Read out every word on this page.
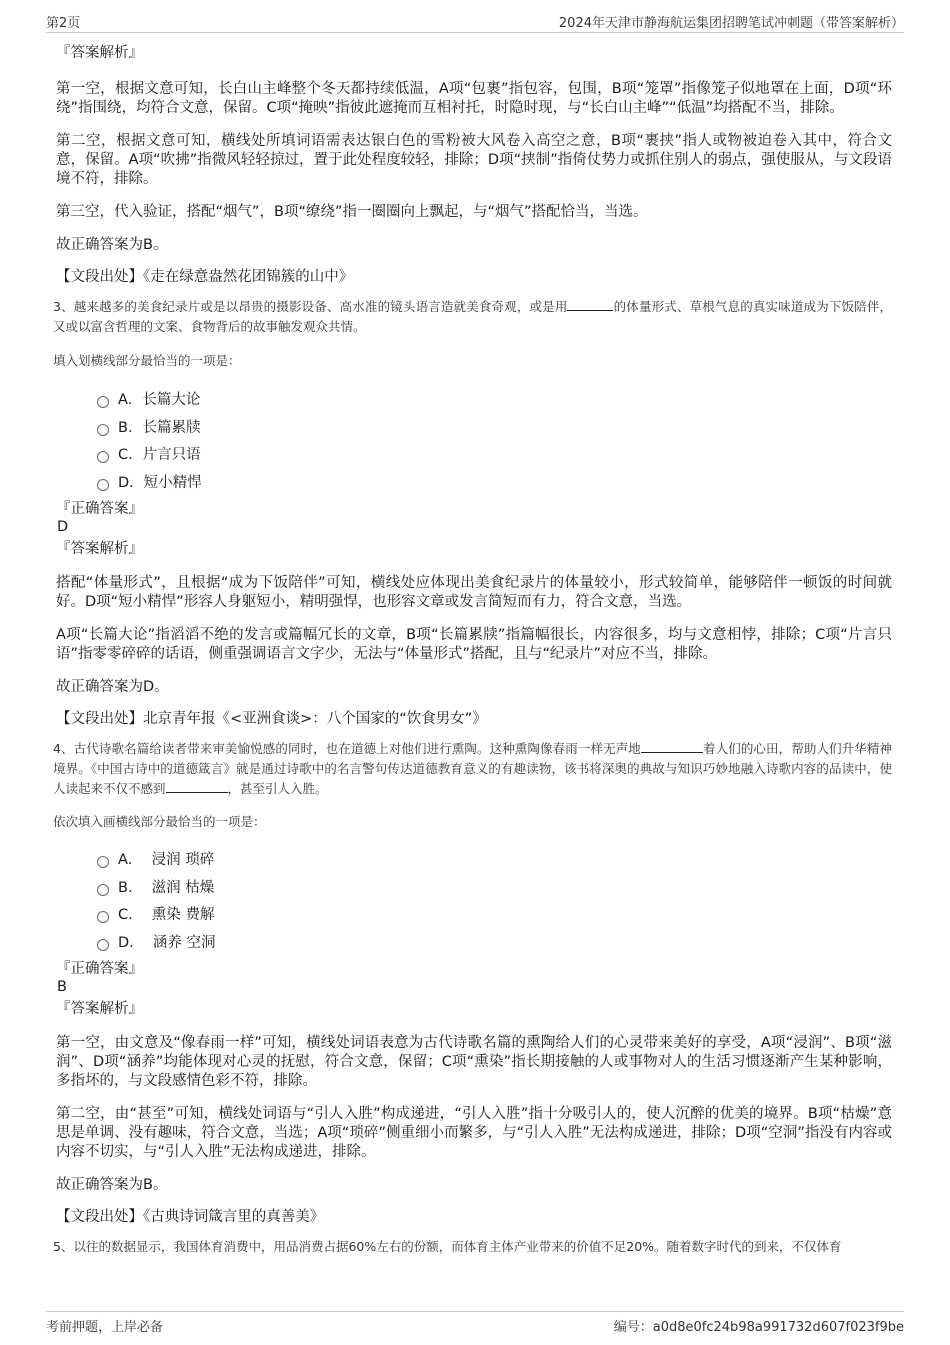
第2页	2024年天津市静海航运集团招聘笔试冲刺题（带答案解析）

『答案解析』

第一空，根据文意可知，长白山主峰整个冬天都持续低温，A项“包裹”指包容，包围，B项“笼罩”指像笼子似地罩在上面，D项“环绕”指围绕，均符合文意，保留。C项“掩映”指彼此遮掩而互相衬托，时隐时现，与“长白山主峰”“低温”均搭配不当，排除。

第二空，根据文意可知，横线处所填词语需表达银白色的雪粉被大风卷入高空之意，B项“裹挟”指人或物被迫卷入其中，符合文意，保留。A项“吹拂”指微风轻轻掠过，置于此处程度较轻，排除；D项“挟制”指倚仗势力或抓住别人的弱点，强使服从，与文段语境不符，排除。

第三空，代入验证，搭配“烟气”，B项“缭绕”指一圈圈向上飘起，与“烟气”搭配恰当，当选。

故正确答案为B。

【文段出处】《走在绿意盎然花团锦簇的山中》

3、越来越多的美食纪录片或是以昂贵的摄影设备、高水准的镜头语言造就美食奇观，或是用	的体量形式、草根气息的真实味道成为下饭陪伴，又或以富含哲理的文案、食物背后的故事触发观众共情。

填入划横线部分最恰当的一项是：

A．长篇大论
B．长篇累牍
C．片言只语
D．短小精悍

『正确答案』

D

『答案解析』

搭配“体量形式”，且根据“成为下饭陪伴”可知，横线处应体现出美食纪录片的体量较小，形式较简单，能够陪伴一顿饭的时间就好。D项“短小精悍”形容人身躯短小，精明强悍，也形容文章或发言简短而有力，符合文意，当选。

A项“长篇大论”指滔滔不绝的发言或篇幅冗长的文章，B项“长篇累牍”指篇幅很长，内容很多，均与文意相悖，排除；C项“片言只语”指零零碎碎的话语，侧重强调语言文字少，无法与“体量形式”搭配，且与“纪录片”对应不当，排除。

故正确答案为D。

【文段出处】北京青年报《<亚洲食谈>：八个国家的“饮食男女”》

4、古代诗歌名篇给读者带来审美愉悦感的同时，也在道德上对他们进行熏陶。这种熏陶像春雨一样无声地	着人们的心田，帮助人们升华精神境界。《中国古诗中的道德箴言》就是通过诗歌中的名言警句传达道德教育意义的有趣读物，该书将深奥的典故与知识巧妙地融入诗歌内容的品读中，使人读起来不仅不感到	，甚至引人入胜。

依次填入画横线部分最恰当的一项是：

A．  浸润 琐碎
B．  滋润 枯燥
C．  熏染 费解
D．  涵养 空洞

『正确答案』

B

『答案解析』

第一空，由文意及“像春雨一样”可知，横线处词语表意为古代诗歌名篇的熏陶给人们的心灵带来美好的享受，A项“浸润”、B项“滋润”、D项“涵养”均能体现对心灵的抚慰，符合文意，保留；C项“熏染”指长期接触的人或事物对人的生活习惯逐渐产生某种影响，多指坏的，与文段感情色彩不符，排除。

第二空，由“甚至”可知，横线处词语与“引人入胜”构成递进，“引人入胜”指十分吸引人的，使人沉醉的优美的境界。B项“枯燥”意思是单调、没有趣味，符合文意，当选；A项“琐碎”侧重细小而繁多，与“引人入胜”无法构成递进，排除；D项“空洞”指没有内容或内容不切实，与“引人入胜”无法构成递进，排除。

故正确答案为B。

【文段出处】《古典诗词箴言里的真善美》

5、以往的数据显示，我国体育消费中，用品消费占据60%左右的份额，而体育主体产业带来的价值不足20%。随着数字时代的到来，不仅体育

考前押题，上岸必备	编号：a0d8e0fc24b98a991732d607f023f9be
